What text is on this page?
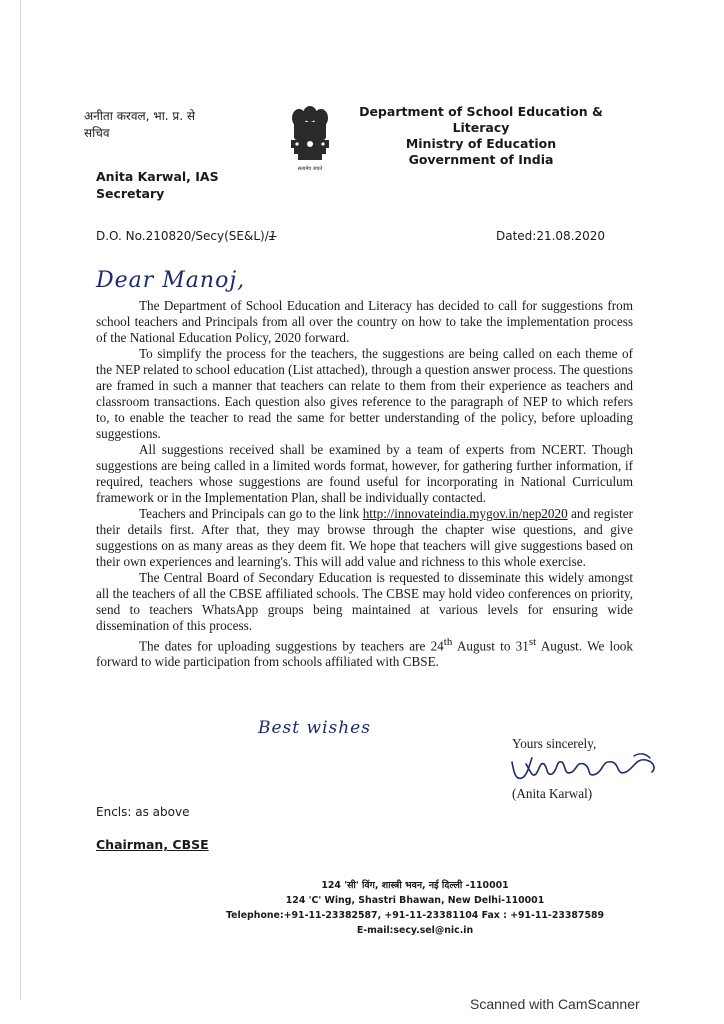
अनीता करवल, भा. प्र. से
सचिव
सत्यमेव जयते
Department of School Education & Literacy
Ministry of Education
Government of India
Anita Karwal, IAS
Secretary
D.O. No.210820/Secy(SE&L)/1	Dated:21.08.2020
Dear Manoj,

The Department of School Education and Literacy has decided to call for suggestions from school teachers and Principals from all over the country on how to take the implementation process of the National Education Policy, 2020 forward.

To simplify the process for the teachers, the suggestions are being called on each theme of the NEP related to school education (List attached), through a question answer process. The questions are framed in such a manner that teachers can relate to them from their experience as teachers and classroom transactions. Each question also gives reference to the paragraph of NEP to which refers to, to enable the teacher to read the same for better understanding of the policy, before uploading suggestions.

All suggestions received shall be examined by a team of experts from NCERT. Though suggestions are being called in a limited words format, however, for gathering further information, if required, teachers whose suggestions are found useful for incorporating in National Curriculum framework or in the Implementation Plan, shall be individually contacted.

Teachers and Principals can go to the link http://innovateindia.mygov.in/nep2020 and register their details first. After that, they may browse through the chapter wise questions, and give suggestions on as many areas as they deem fit. We hope that teachers will give suggestions based on their own experiences and learning's. This will add value and richness to this whole exercise.

The Central Board of Secondary Education is requested to disseminate this widely amongst all the teachers of all the CBSE affiliated schools. The CBSE may hold video conferences on priority, send to teachers WhatsApp groups being maintained at various levels for ensuring wide dissemination of this process.

The dates for uploading suggestions by teachers are 24th August to 31st August. We look forward to wide participation from schools affiliated with CBSE.

Best wishes
Yours sincerely,
(Anita Karwal)
Encls: as above
Chairman, CBSE
124 'सी' विंग, शास्त्री भवन, नई दिल्ली -110001
124 'C' Wing, Shastri Bhawan, New Delhi-110001
Telephone:+91-11-23382587, +91-11-23381104 Fax : +91-11-23387589
E-mail:secy.sel@nic.in
Scanned with CamScanner
